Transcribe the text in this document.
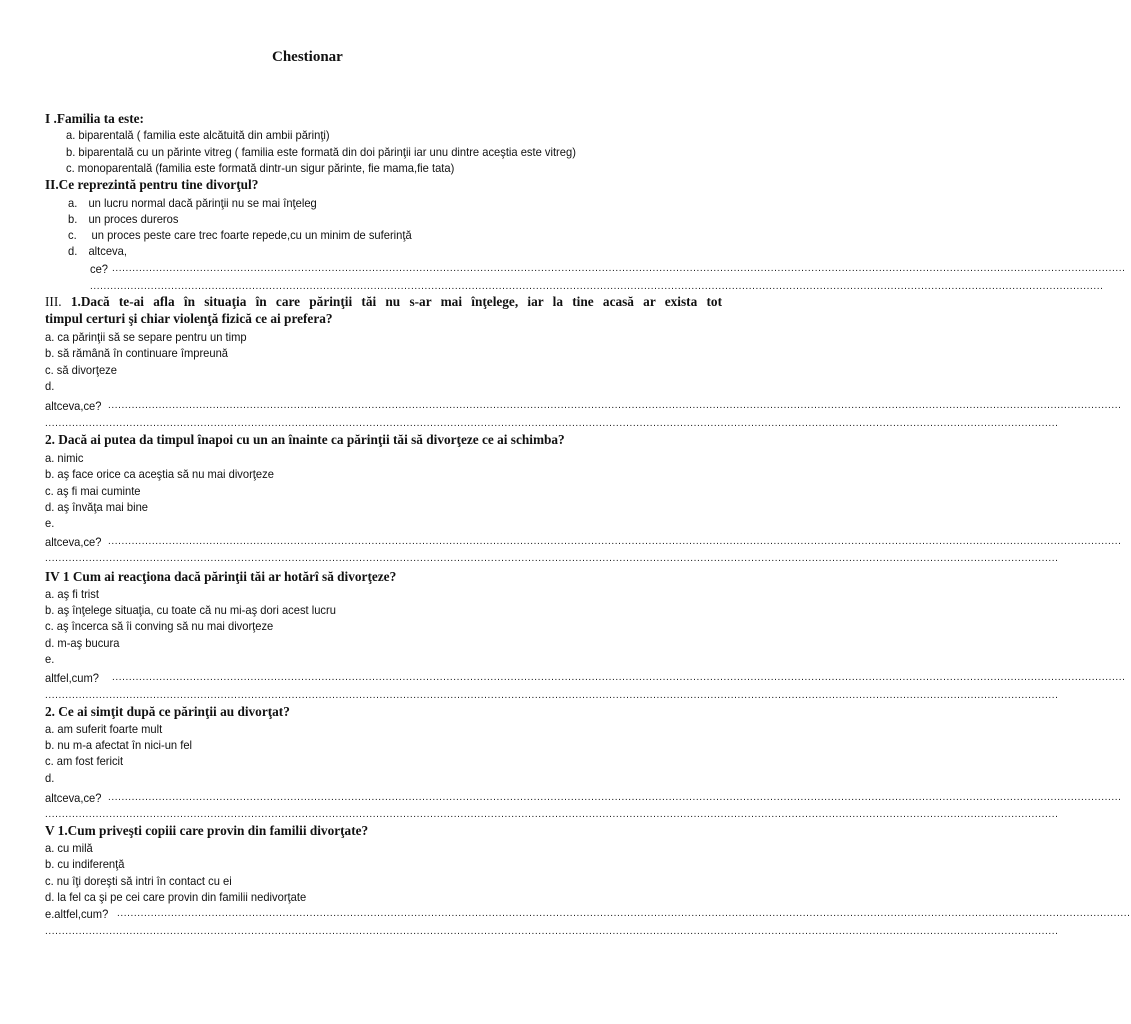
Chestionar
I .Familia ta este:
a. biparentală ( familia este alcătuită din ambii părinţi)
b. biparentală cu un părinte vitreg ( familia este formată din doi părinţii iar unu dintre aceştia este vitreg)
c. monoparentală (familia este formată dintr-un sigur părinte, fie mama,fie tata)
II.Ce reprezintă pentru tine divorţul?
a. un lucru normal dacă părinţii nu se mai înţeleg
b. un proces dureros
c. un proces peste care trec foarte repede,cu un minim de suferinţă
d. altceva,
ce? ............................................................................................................................................................................................................................................................................................................
............................................................................................................................................................................................................................................................................................................
III. 1.Dacă te-ai afla în situaţia în care părinţii tăi nu s-ar mai înţelege, iar la tine acasă ar exista tot
timpul certuri şi chiar violenţă fizică ce ai prefera?
a. ca părinţii să se separe pentru un timp
b. să rămână în continuare împreună
c. să divorţeze
d.
altceva,ce? ............................................................................................................................................................................................................................................................................................................
............................................................................................................................................................................................................................................................................................................
2. Dacă ai putea da timpul înapoi cu un an înainte ca părinţii tăi să divorţeze ce ai schimba?
a. nimic
b. aş face orice ca aceştia să nu mai divorţeze
c. aş fi mai cuminte
d. aş învăţa mai bine
e.
altceva,ce? ............................................................................................................................................................................................................................................................................................................
............................................................................................................................................................................................................................................................................................................
IV 1 Cum ai reacţiona dacă părinţii tăi ar hotărî să divorţeze?
a. aş fi trist
b. aş înţelege situaţia, cu toate că nu mi-aş dori acest lucru
c. aş încerca să îi conving să nu mai divorţeze
d. m-aş bucura
e.
altfel,cum? ............................................................................................................................................................................................................................................................................................................
............................................................................................................................................................................................................................................................................................................
2. Ce ai simţit după ce părinţii au divorţat?
a. am suferit foarte mult
b. nu m-a afectat în nici-un fel
c. am fost fericit
d.
altceva,ce? ............................................................................................................................................................................................................................................................................................................
............................................................................................................................................................................................................................................................................................................
V 1.Cum priveşti copiii care provin din familii divorţate?
a. cu milă
b. cu indiferenţă
c. nu îţi doreşti să intri în contact cu ei
d. la fel ca şi pe cei care provin din familii nedivorţate
e.altfel,cum? ............................................................................................................................................................................................................................................................................................................
............................................................................................................................................................................................................................................................................................................
